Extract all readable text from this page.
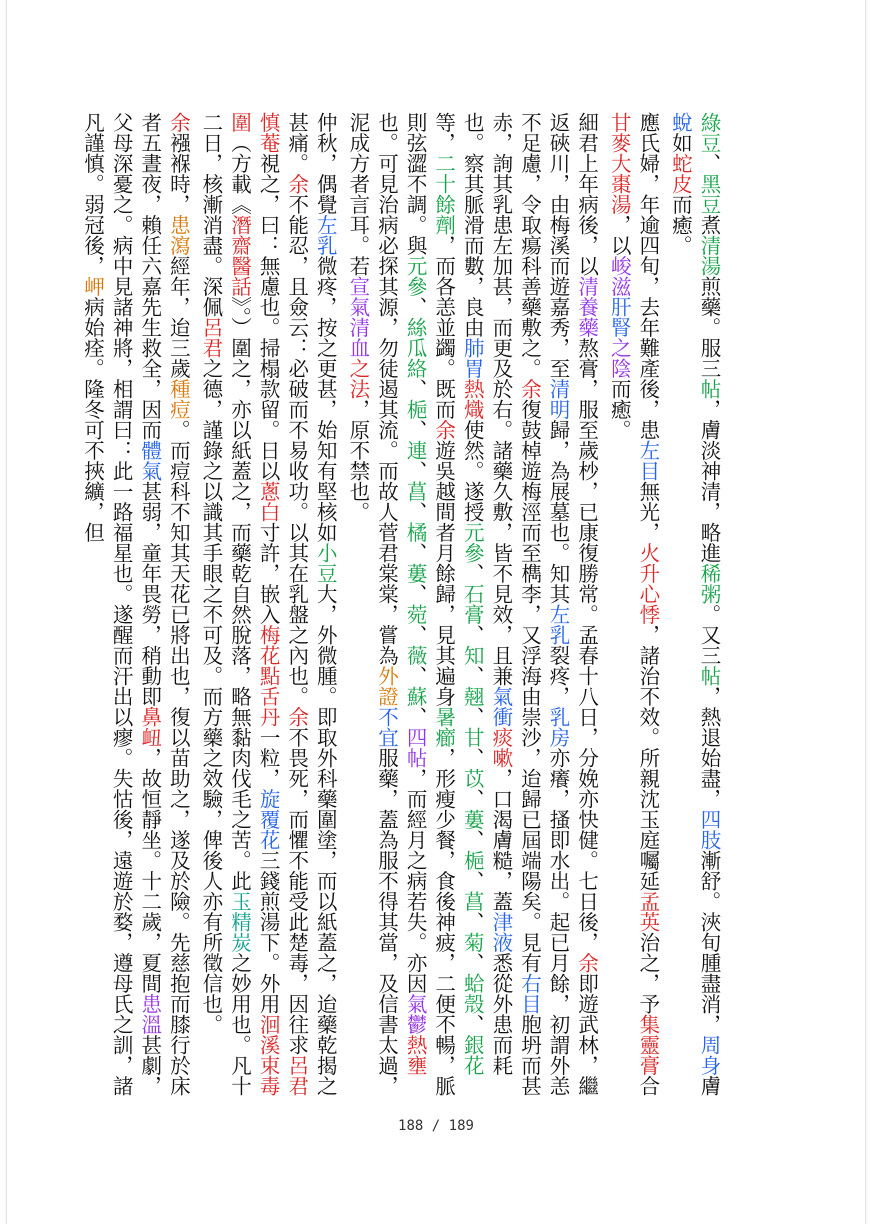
綠豆、黑豆煮清湯煎藥。服三帖，膚淡神清，略進稀粥。又三帖，熱退始盡，四肢漸舒。浹旬腫盡消，周身膚蛻如蛇皮而癒。

應氏婦，年逾四旬，去年難產後，患左目無光，火升心悸，諸治不效。所親沈玉庭囑延孟英治之，予集靈膏合甘麥大棗湯，以峻滋肝腎之陰而癒。

細君上年病後，以清養藥熬膏，服至歲杪，已康復勝常。孟春十八日，分娩亦快健。七日後，余即遊武林，繼返硤川，由梅溪而遊嘉秀，至清明歸，為展墓也。知其左乳裂疼，乳房亦癢，搔即水出。起已月餘，初謂外恙不足慮，令取瘍科善藥敷之。余復鼓棹遊梅涇而至檇李，又浮海由崇沙，迨歸已屆端陽矣。見有右目胞坍而甚赤，詢其乳患左加甚，而更及於右。諸藥久敷，皆不見效，且兼氣衝痰嗽，口渴膚糙，蓋津液悉從外患而耗也。察其脈滑而數，良由肺胃熱熾使然。遂授元參、石膏、知、翹、甘、苡、蔞、梔、菖、菊、蛤殼、銀花等，二十餘劑，而各恙並蠲。既而余遊吳越間者月餘歸，見其遍身暑癤，形瘦少餐，食後神疲，二便不暢，脈則弦澀不調。與元參、絲瓜絡、梔、連、菖、橘、蔞、菀、薇、蘇、四帖，而經月之病若失。亦因氣鬱熱壅也。可見治病必探其源，勿徒遏其流。而故人菅君棠棠，嘗為外證不宜服藥，蓋為服不得其當，及信書太過，泥成方者言耳。若宣氣清血之法，原不禁也。

仲秋，偶覺左乳微疼，按之更甚，始知有堅核如小豆大，外微腫。即取外科藥圍塗，而以紙蓋之，迨藥乾揭之甚痛。余不能忍，且僉云：必破而不易收功。以其在乳盤之內也。余不畏死，而懼不能受此楚毒，因往求呂君慎菴視之，曰：無慮也。掃榻款留。日以蔥白寸許，嵌入梅花點舌丹一粒，旋覆花三錢煎湯下。外用洄溪束毒圍（方載《潛齋醫話》。）圍之，亦以紙蓋之，而藥乾自然脫落，略無黏肉伐毛之苦。此玉精炭之妙用也。凡十二日，核漸消盡。深佩呂君之德，謹錄之以識其手眼之不可及。而方藥之效驗，俾後人亦有所徵信也。

余襁褓時，患瀉經年，迨三歲種痘。而痘科不知其天花已將出也，復以苗助之，遂及於險。先慈抱而膝行於床者五晝夜，賴任六嘉先生救全，因而體氣甚弱，童年畏勞，稍動即鼻衄，故恒靜坐。十二歲，夏間患溫甚劇，父母深憂之。病中見諸神將，相謂曰：此一路福星也。遂醒而汗出以瘳。失怙後，遠遊於婺，遵母氏之訓，諸凡謹慎。弱冠後，岬病始痊。隆冬可不挾纊，但

188 / 189
